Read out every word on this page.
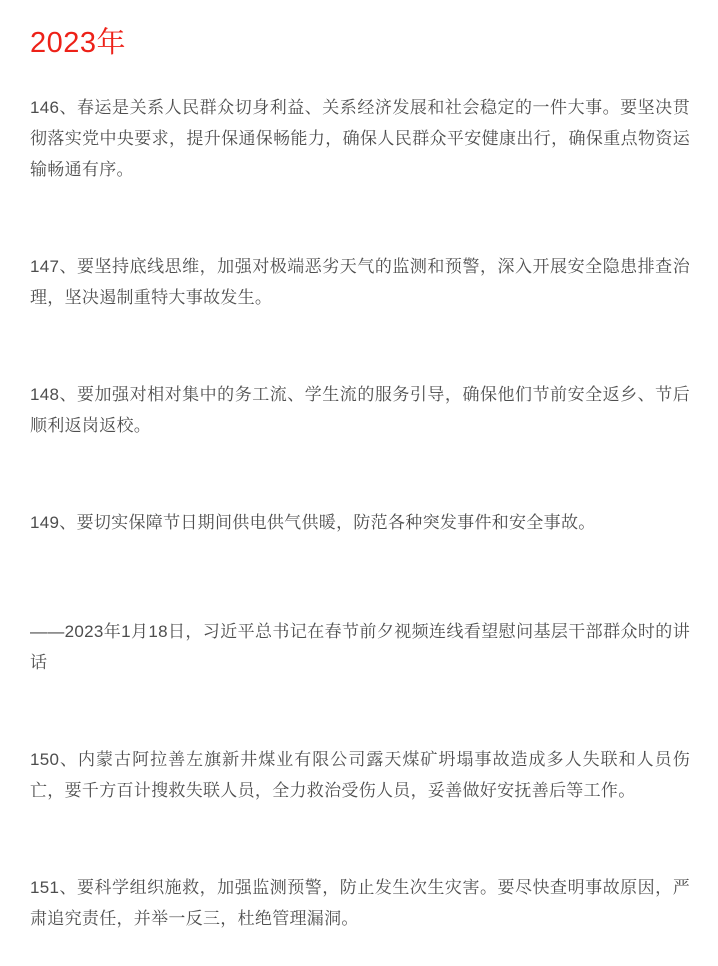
2023年

146、春运是关系人民群众切身利益、关系经济发展和社会稳定的一件大事。要坚决贯彻落实党中央要求，提升保通保畅能力，确保人民群众平安健康出行，确保重点物资运输畅通有序。

147、要坚持底线思维，加强对极端恶劣天气的监测和预警，深入开展安全隐患排查治理，坚决遏制重特大事故发生。

148、要加强对相对集中的务工流、学生流的服务引导，确保他们节前安全返乡、节后顺利返岗返校。

149、要切实保障节日期间供电供气供暖，防范各种突发事件和安全事故。

——2023年1月18日，习近平总书记在春节前夕视频连线看望慰问基层干部群众时的讲话

150、内蒙古阿拉善左旗新井煤业有限公司露天煤矿坍塌事故造成多人失联和人员伤亡，要千方百计搜救失联人员，全力救治受伤人员，妥善做好安抚善后等工作。

151、要科学组织施救，加强监测预警，防止发生次生灾害。要尽快查明事故原因，严肃追究责任，并举一反三，杜绝管理漏洞。
